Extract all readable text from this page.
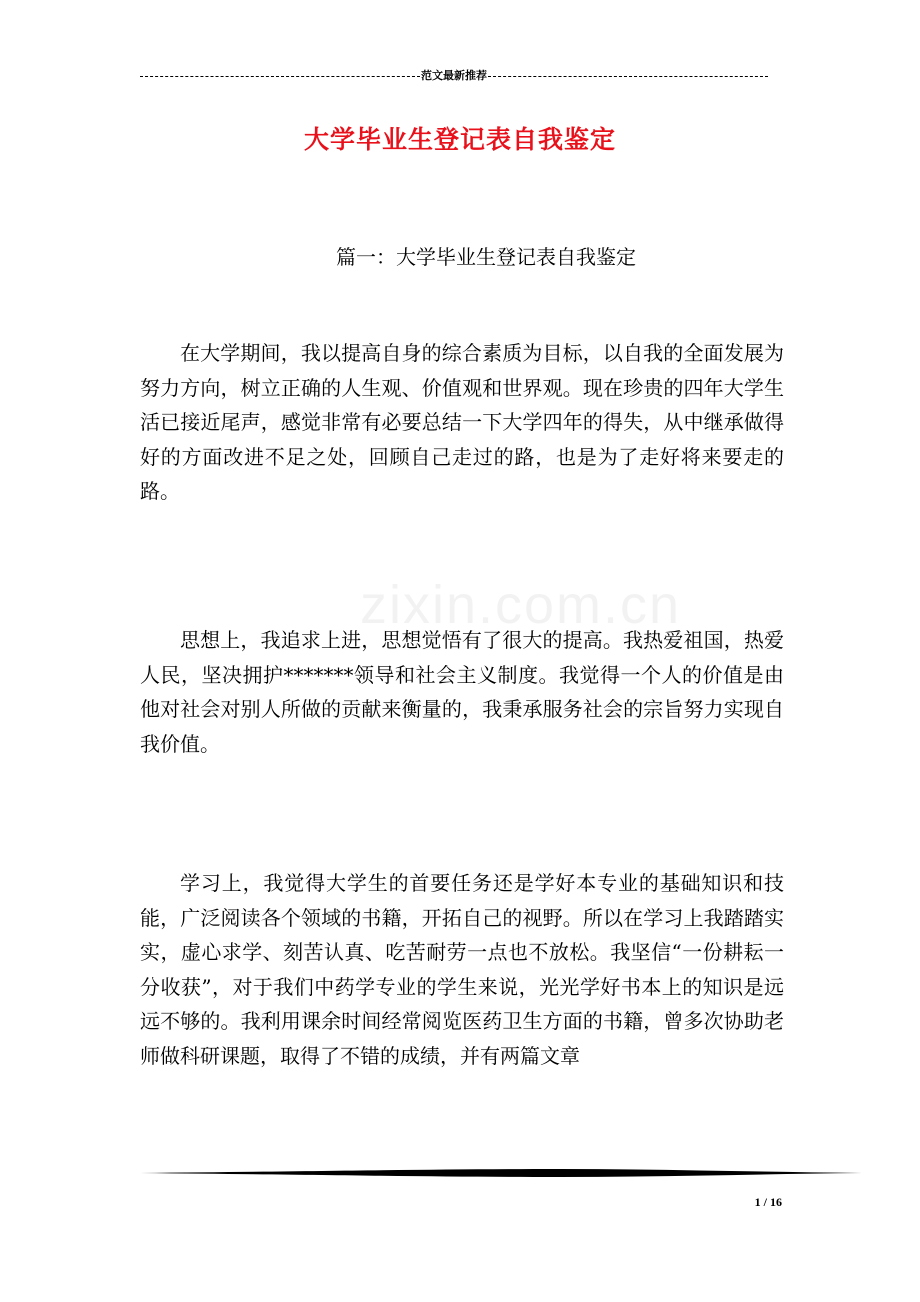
范文最新推荐
大学毕业生登记表自我鉴定
篇一：大学毕业生登记表自我鉴定

在大学期间，我以提高自身的综合素质为目标，以自我的全面发展为努力方向，树立正确的人生观、价值观和世界观。现在珍贵的四年大学生活已接近尾声，感觉非常有必要总结一下大学四年的得失，从中继承做得好的方面改进不足之处，回顾自己走过的路，也是为了走好将来要走的路。

思想上，我追求上进，思想觉悟有了很大的提高。我热爱祖国，热爱人民，坚决拥护*******领导和社会主义制度。我觉得一个人的价值是由他对社会对别人所做的贡献来衡量的，我秉承服务社会的宗旨努力实现自我价值。

学习上，我觉得大学生的首要任务还是学好本专业的基础知识和技能，广泛阅读各个领域的书籍，开拓自己的视野。所以在学习上我踏踏实实，虚心求学、刻苦认真、吃苦耐劳一点也不放松。我坚信“一份耕耘一分收获”，对于我们中药学专业的学生来说，光光学好书本上的知识是远远不够的。我利用课余时间经常阅览医药卫生方面的书籍，曾多次协助老师做科研课题，取得了不错的成绩，并有两篇文章

zixin.com.cn
1 / 16
